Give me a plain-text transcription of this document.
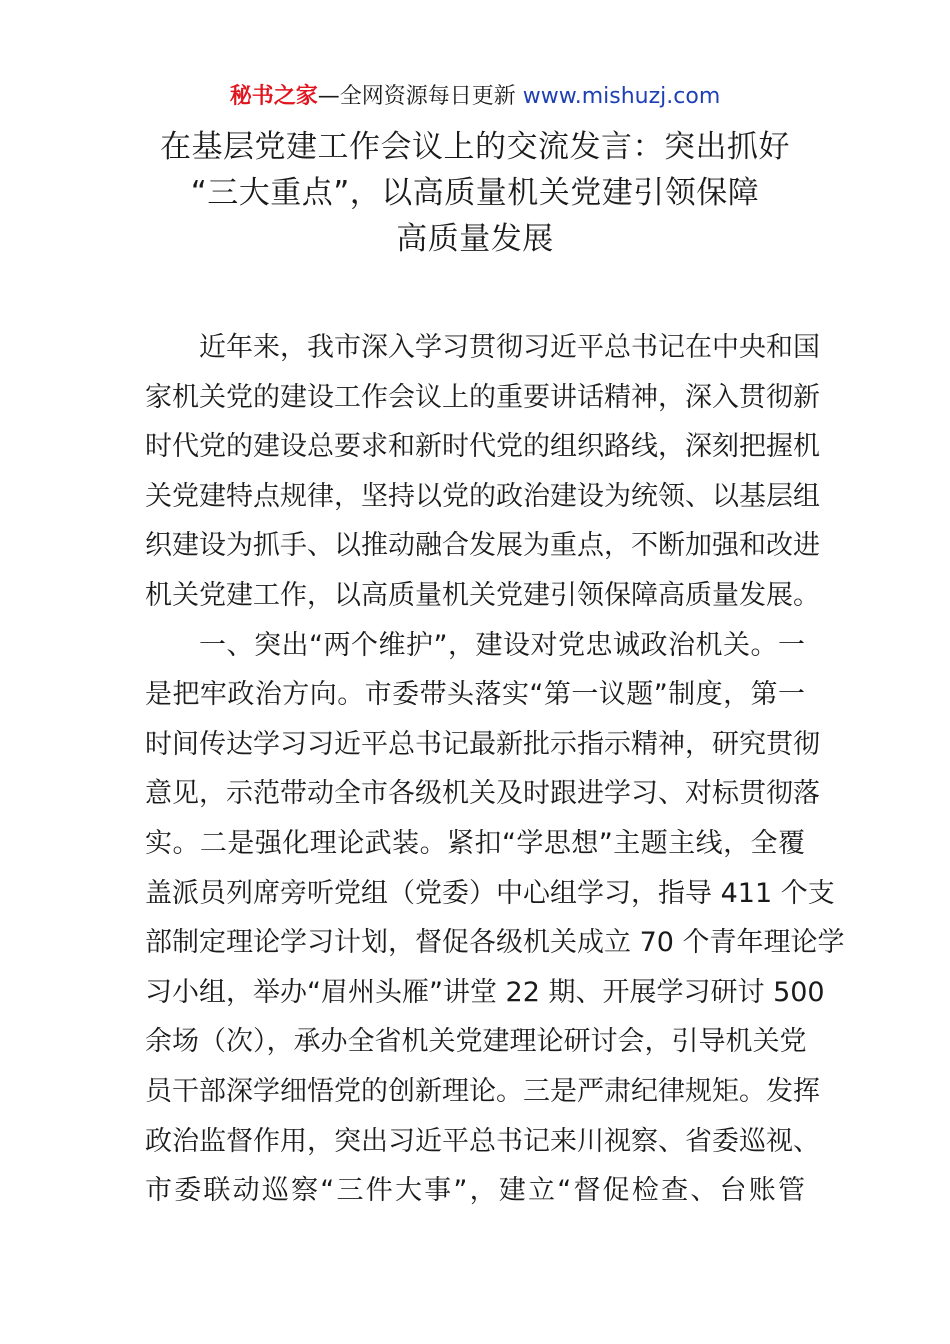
秘书之家—全网资源每日更新 www.mishuzj.com
在基层党建工作会议上的交流发言：突出抓好
“三大重点”，以高质量机关党建引领保障
高质量发展
近年来，我市深入学习贯彻习近平总书记在中央和国
家机关党的建设工作会议上的重要讲话精神，深入贯彻新
时代党的建设总要求和新时代党的组织路线，深刻把握机
关党建特点规律，坚持以党的政治建设为统领、以基层组
织建设为抓手、以推动融合发展为重点，不断加强和改进
机关党建工作，以高质量机关党建引领保障高质量发展。
一、突出“两个维护”，建设对党忠诚政治机关。一
是把牢政治方向。市委带头落实“第一议题”制度，第一
时间传达学习习近平总书记最新批示指示精神，研究贯彻
意见，示范带动全市各级机关及时跟进学习、对标贯彻落
实。二是强化理论武装。紧扣“学思想”主题主线，全覆
盖派员列席旁听党组（党委）中心组学习，指导 411 个支
部制定理论学习计划，督促各级机关成立 70 个青年理论学
习小组，举办“眉州头雁”讲堂 22 期、开展学习研讨 500
余场（次），承办全省机关党建理论研讨会，引导机关党
员干部深学细悟党的创新理论。三是严肃纪律规矩。发挥
政治监督作用，突出习近平总书记来川视察、省委巡视、
市委联动巡察“三件大事”，建立“督促检查、台账管
